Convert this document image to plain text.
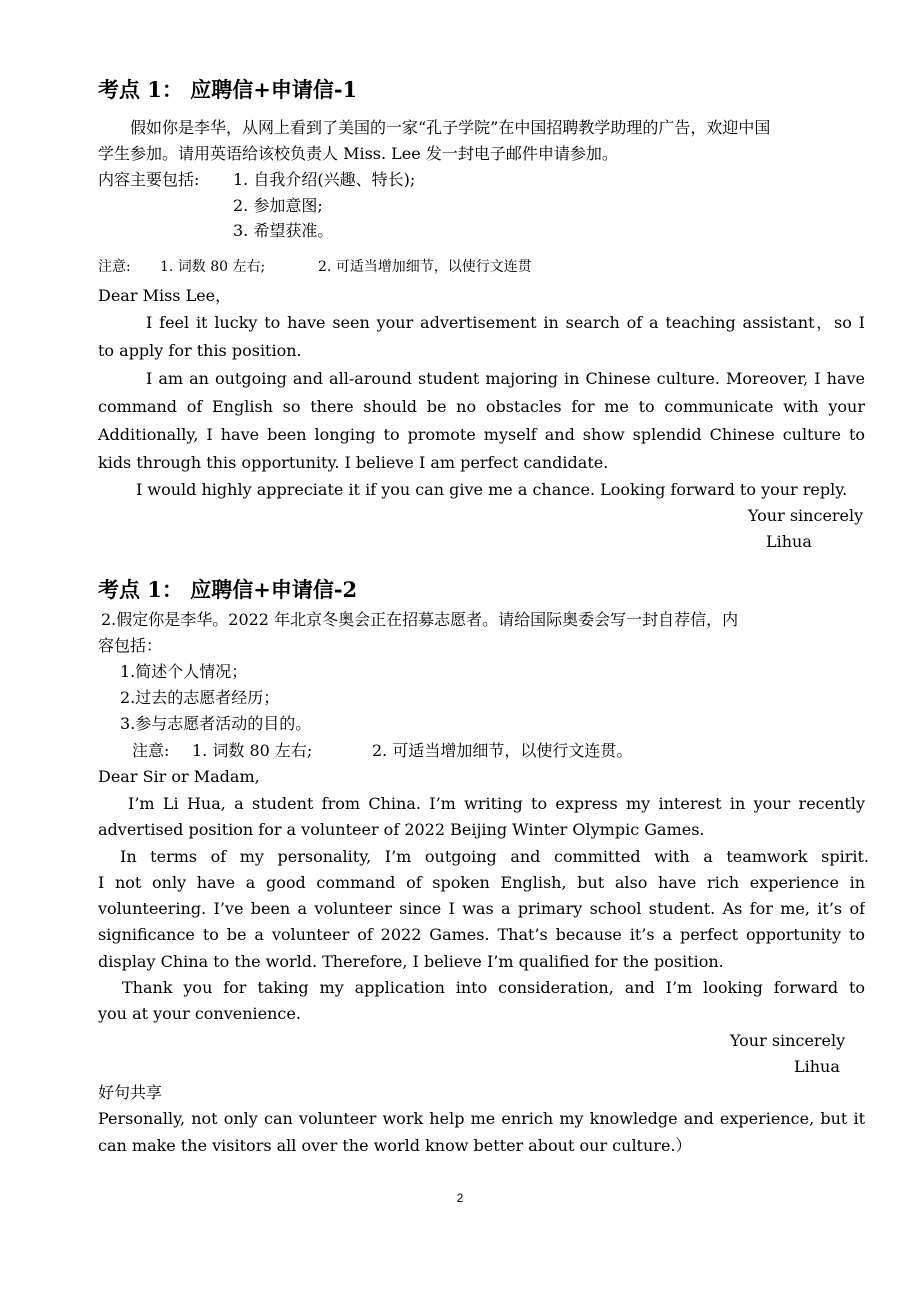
考点 1： 应聘信+申请信-1
假如你是李华，从网上看到了美国的一家“孔子学院”在中国招聘教学助理的广告，欢迎中国
学生参加。请用英语给该校负责人 Miss. Lee 发一封电子邮件申请参加。
内容主要包括: 1. 自我介绍(兴趣、特长);
2. 参加意图;
3. 希望获准。
注意: 1. 词数 80 左右;	2. 可适当增加细节，以使行文连贯
Dear Miss Lee，
I feel it lucky to have seen your advertisement in search of a teaching assistant，so I
to apply for this position.
I am an outgoing and all-around student majoring in Chinese culture. Moreover, I have
command of English so there should be no obstacles for me to communicate with your
Additionally, I have been longing to promote myself and show splendid Chinese culture to
kids through this opportunity. I believe I am perfect candidate.
I would highly appreciate it if you can give me a chance. Looking forward to your reply.
Your sincerely
Lihua
考点 1： 应聘信+申请信-2
2.假定你是李华。2022 年北京冬奥会正在招募志愿者。请给国际奥委会写一封自荐信，内
容包括：
1.简述个人情况；
2.过去的志愿者经历；
3.参与志愿者活动的目的。
注意: 1. 词数 80 左右;	2. 可适当增加细节，以使行文连贯。
Dear Sir or Madam,
I’m Li Hua, a student from China. I’m writing to express my interest in your recently
advertised position for a volunteer of 2022 Beijing Winter Olympic Games.
In terms of my personality, I’m outgoing and committed with a teamwork spirit.
I not only have a good command of spoken English, but also have rich experience in
volunteering. I’ve been a volunteer since I was a primary school student. As for me, it’s of
significance to be a volunteer of 2022 Games. That’s because it’s a perfect opportunity to
display China to the world. Therefore, I believe I’m qualified for the position.
Thank you for taking my application into consideration, and I’m looking forward to
you at your convenience.
Your sincerely
Lihua
好句共享
Personally, not only can volunteer work help me enrich my knowledge and experience, but it
can make the visitors all over the world know better about our culture.）
2
